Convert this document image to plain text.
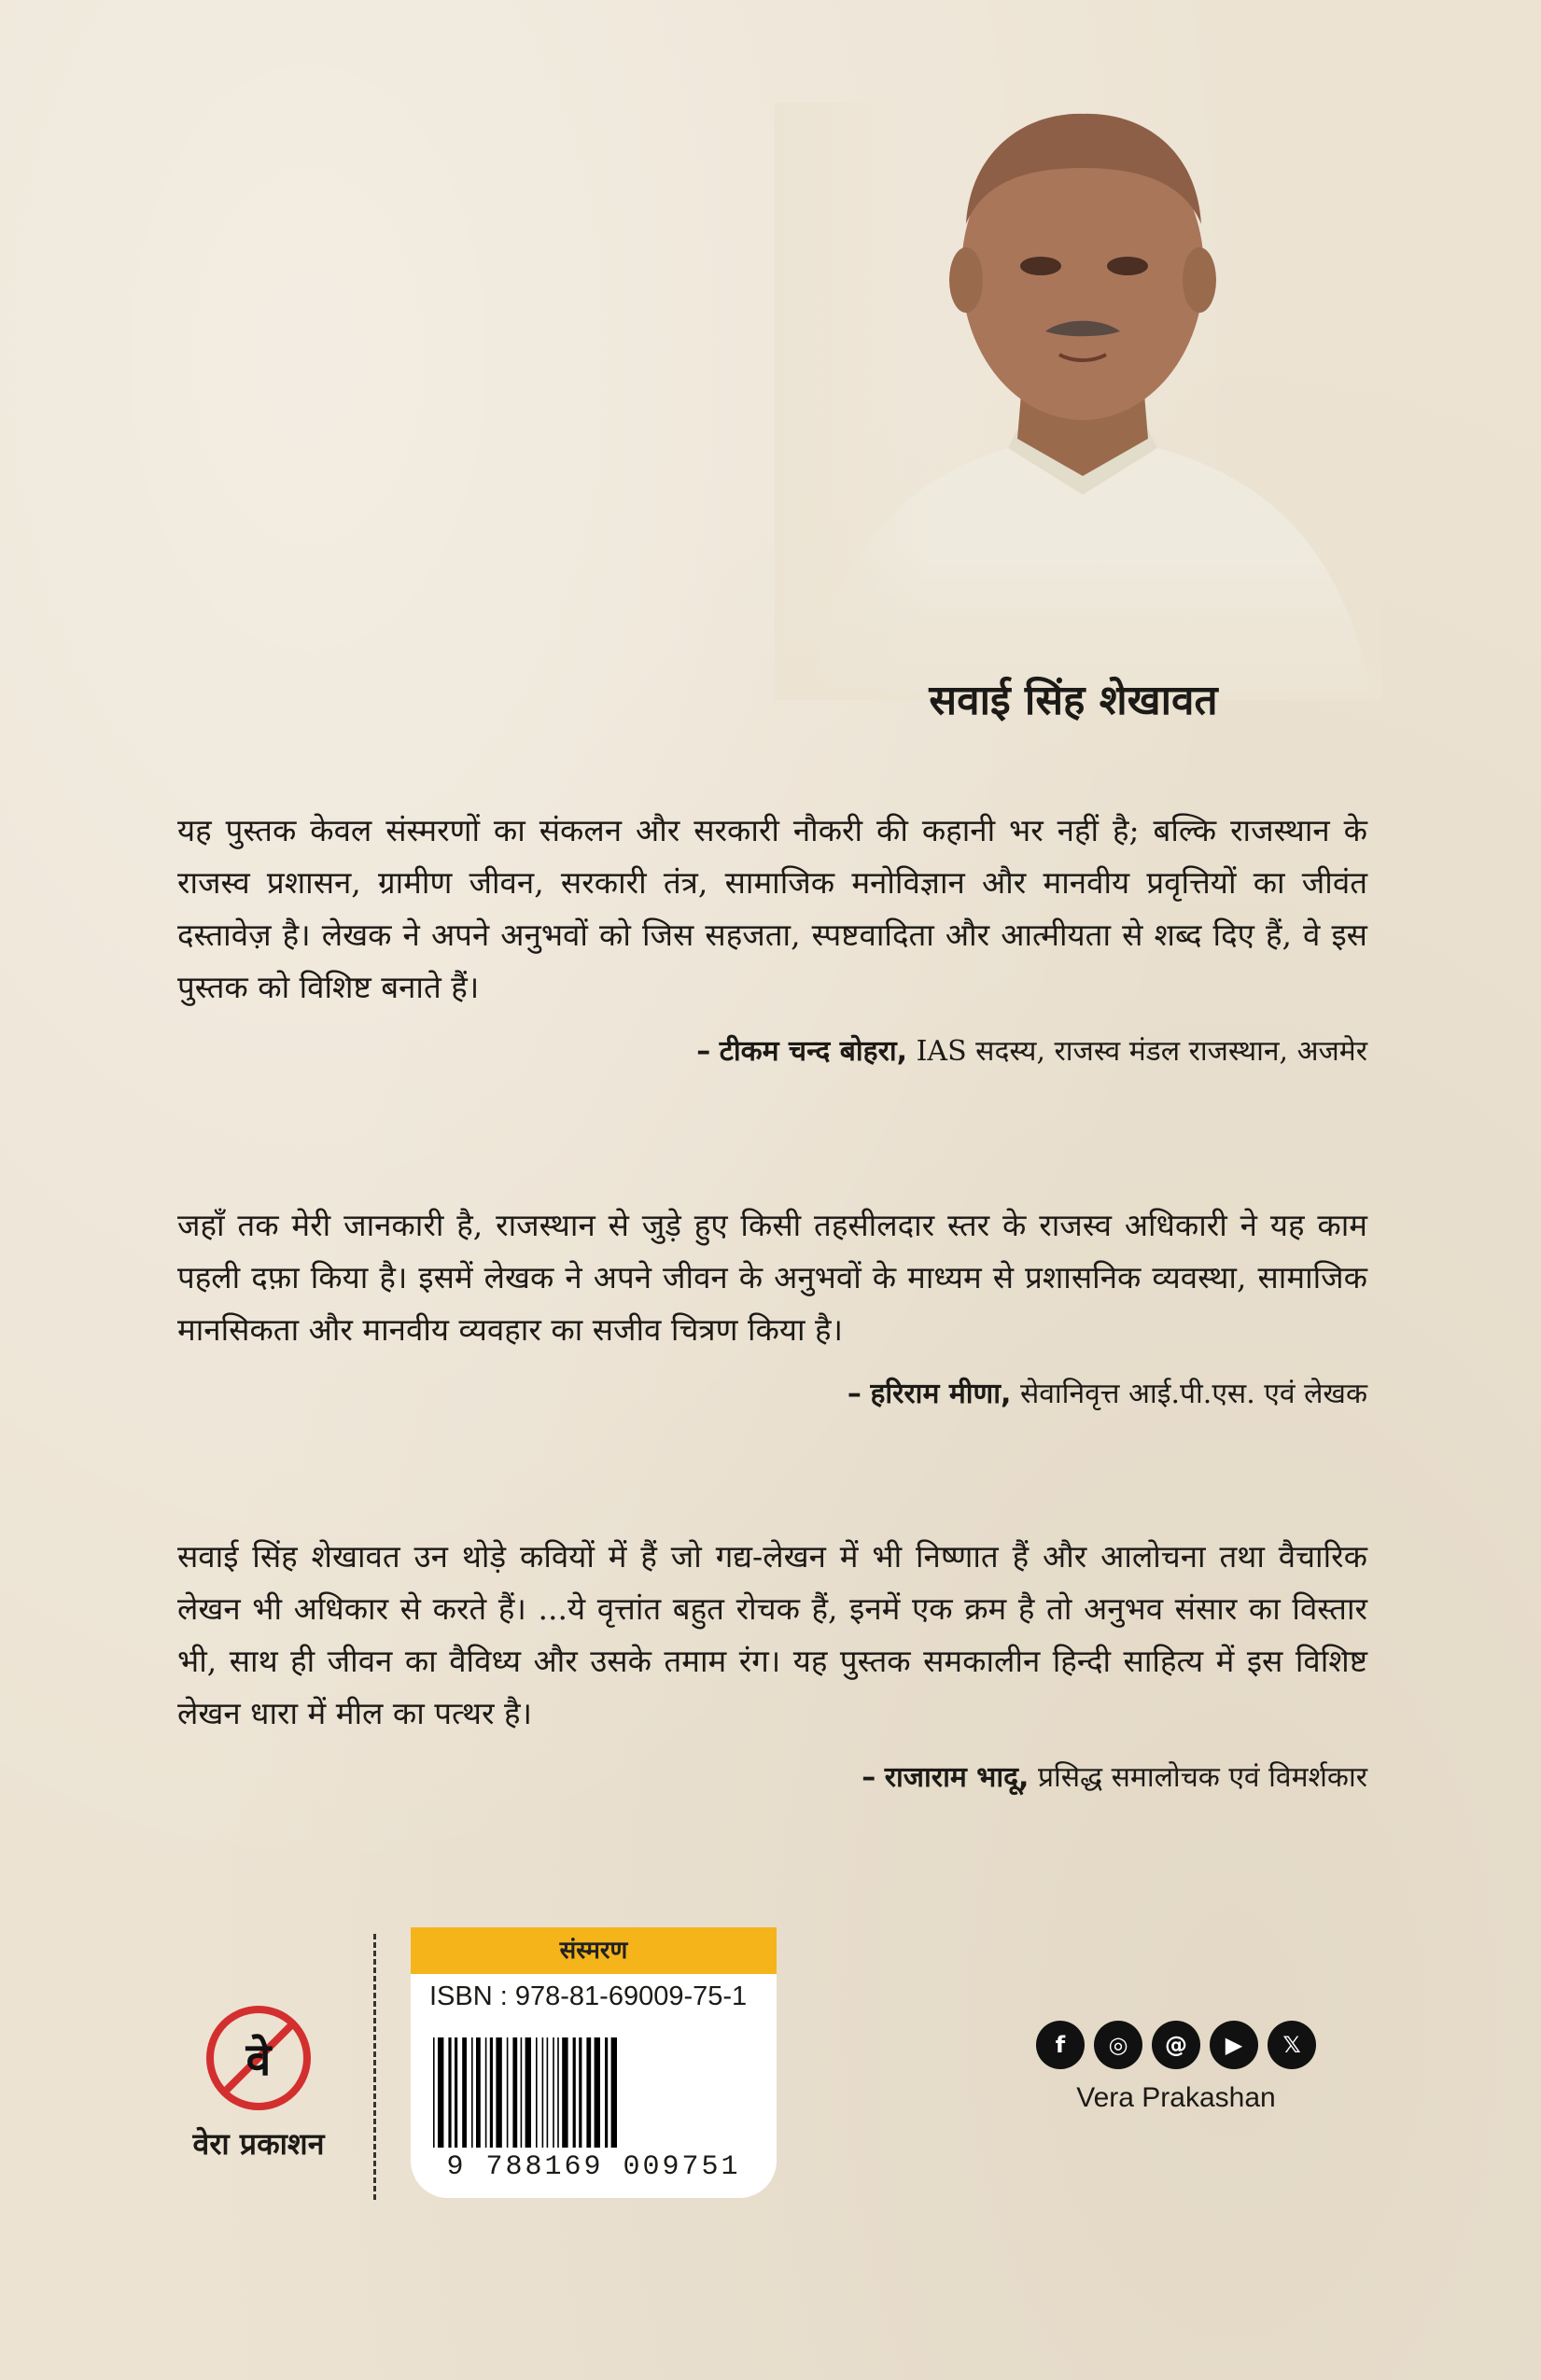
सवाई सिंह शेखावत

यह पुस्तक केवल संस्मरणों का संकलन और सरकारी नौकरी की कहानी भर नहीं है; बल्कि राजस्थान के राजस्व प्रशासन, ग्रामीण जीवन, सरकारी तंत्र, सामाजिक मनोविज्ञान और मानवीय प्रवृत्तियों का जीवंत दस्तावेज़ है। लेखक ने अपने अनुभवों को जिस सहजता, स्पष्टवादिता और आत्मीयता से शब्द दिए हैं, वे इस पुस्तक को विशिष्ट बनाते हैं।

– टीकम चन्द बोहरा, IAS सदस्य, राजस्व मंडल राजस्थान, अजमेर

जहाँ तक मेरी जानकारी है, राजस्थान से जुड़े हुए किसी तहसीलदार स्तर के राजस्व अधिकारी ने यह काम पहली दफ़ा किया है। इसमें लेखक ने अपने जीवन के अनुभवों के माध्यम से प्रशासनिक व्यवस्था, सामाजिक मानसिकता और मानवीय व्यवहार का सजीव चित्रण किया है।

– हरिराम मीणा, सेवानिवृत्त आई.पी.एस. एवं लेखक

सवाई सिंह शेखावत उन थोड़े कवियों में हैं जो गद्य-लेखन में भी निष्णात हैं और आलोचना तथा वैचारिक लेखन भी अधिकार से करते हैं। ...ये वृत्तांत बहुत रोचक हैं, इनमें एक क्रम है तो अनुभव संसार का विस्तार भी, साथ ही जीवन का वैविध्य और उसके तमाम रंग। यह पुस्तक समकालीन हिन्दी साहित्य में इस विशिष्ट लेखन धारा में मील का पत्थर है।

– राजाराम भादू, प्रसिद्ध समालोचक एवं विमर्शकार
वे
वेरा प्रकाशन
संस्मरण
ISBN : 978-81-69009-75-1
9 788169 009751
f	◎	@	▶	𝕏
Vera Prakashan
